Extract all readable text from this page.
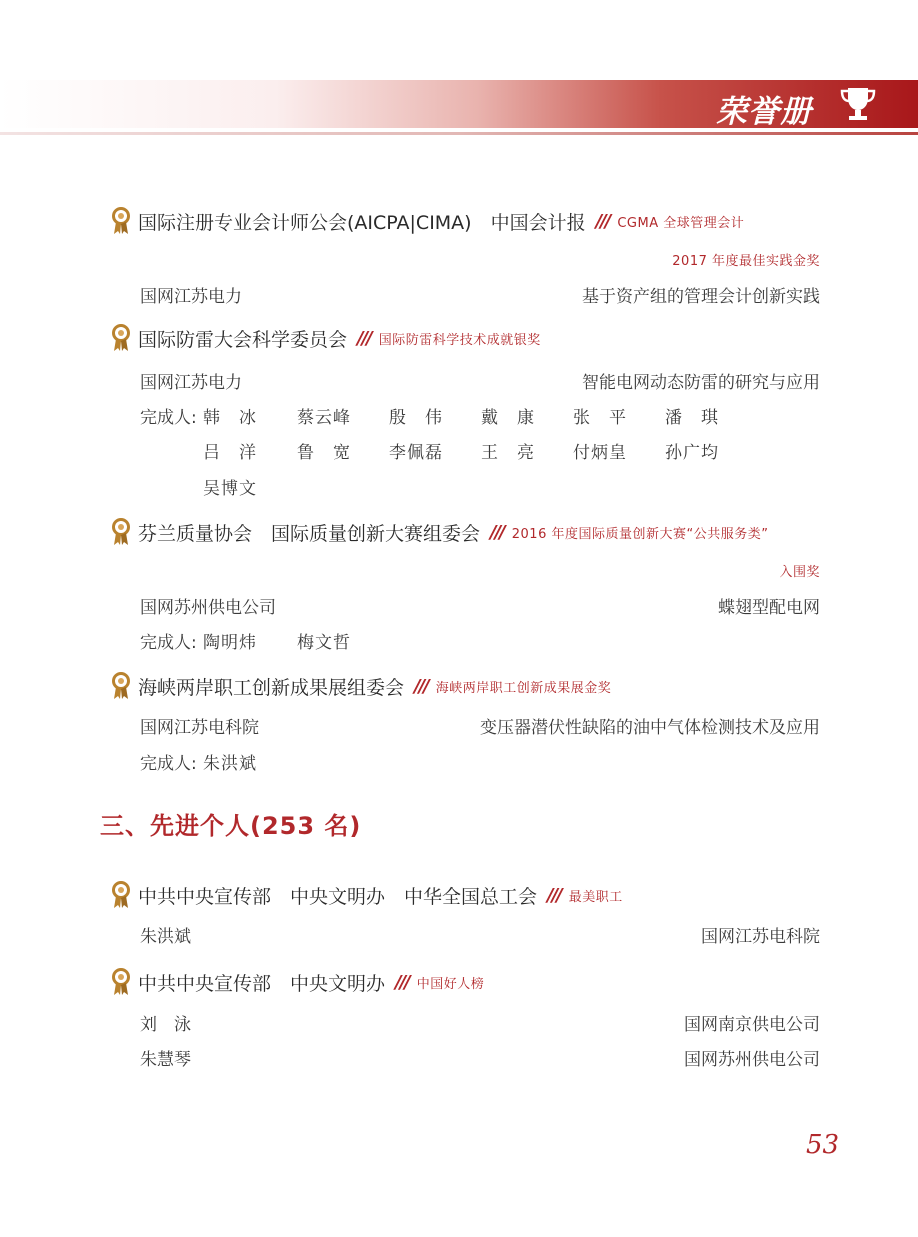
荣誉册
国际注册专业会计师公会(AICPA|CIMA)　中国会计报 /// CGMA 全球管理会计
2017 年度最佳实践金奖
国网江苏电力	基于资产组的管理会计创新实践
国际防雷大会科学委员会 /// 国际防雷科学技术成就银奖
国网江苏电力	智能电网动态防雷的研究与应用
完成人: 韩　冰 蔡云峰 殷　伟 戴　康 张　平 潘　琪
吕　洋 鲁　宽 李佩磊 王　亮 付炳皇 孙广均
吴博文
芬兰质量协会　国际质量创新大赛组委会 /// 2016 年度国际质量创新大赛“公共服务类”
入围奖
国网苏州供电公司	蝶翅型配电网
完成人: 陶明炜 梅文哲
海峡两岸职工创新成果展组委会 /// 海峡两岸职工创新成果展金奖
国网江苏电科院	变压器潜伏性缺陷的油中气体检测技术及应用
完成人: 朱洪斌
三、先进个人(253 名)
中共中央宣传部　中央文明办　中华全国总工会 /// 最美职工
朱洪斌	国网江苏电科院
中共中央宣传部　中央文明办 /// 中国好人榜
刘　泳	国网南京供电公司
朱慧琴	国网苏州供电公司
53
